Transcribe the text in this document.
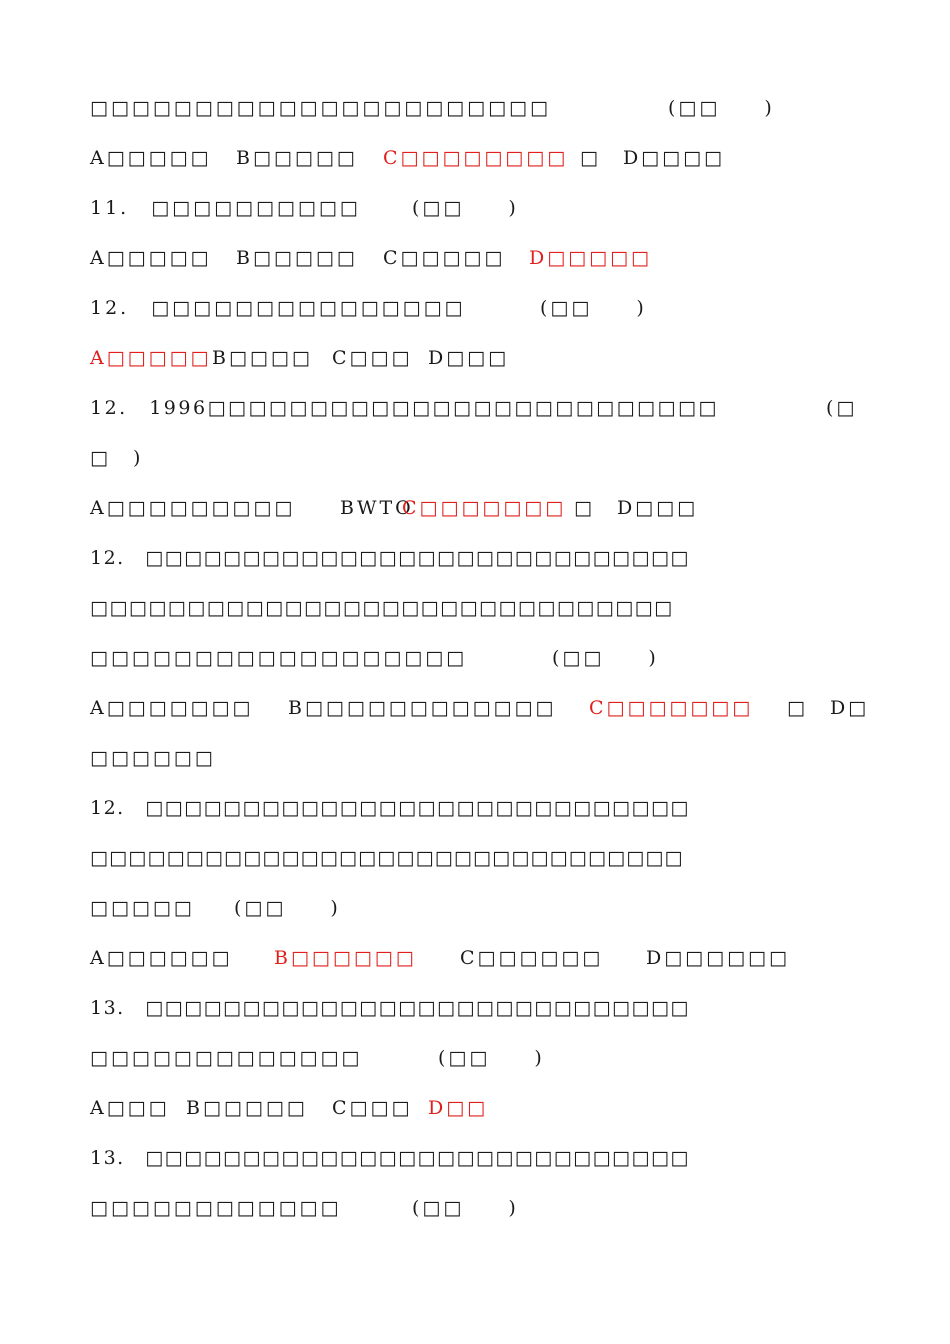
□□□□□□□□□□□□□□□□□□□□□□	(□□　　)
A□□□□□ B□□□□□ C□□□□□□□□ □　D□□□□
11.　□□□□□□□□□□	(□□　　)
A□□□□□ B□□□□□ C□□□□□ D□□□□□
12.　□□□□□□□□□□□□□□□	(□□　　)
A□□□□□ B□□□□ C□□□ D□□□
12.　1996□□□□□□□□□□□□□□□□□□□□□□□□□	(□
□　)
A□□□□□□□□□ BWTO
C□□□□□□□ □　D□□□
12.　□□□□□□□□□□□□□□□□□□□□□□□□□□□□
□□□□□□□□□□□□□□□□□□□□□□□□□□□□□□
□□□□□□□□□□□□□□□□□□	(□□　　)
A□□□□□□□ B□□□□□□□□□□□□ C□□□□□□□ □　D□
□□□□□□
12.　□□□□□□□□□□□□□□□□□□□□□□□□□□□□
□□□□□□□□□□□□□□□□□□□□□□□□□□□□□□□
□□□□□ (□□　　)
A□□□□□□ B□□□□□□ C□□□□□□ D□□□□□□
13.　□□□□□□□□□□□□□□□□□□□□□□□□□□□□
□□□□□□□□□□□□□	(□□　　)
A□□□ B□□□□□ C□□□ D□□
13.　□□□□□□□□□□□□□□□□□□□□□□□□□□□□
□□□□□□□□□□□□	(□□　　)
